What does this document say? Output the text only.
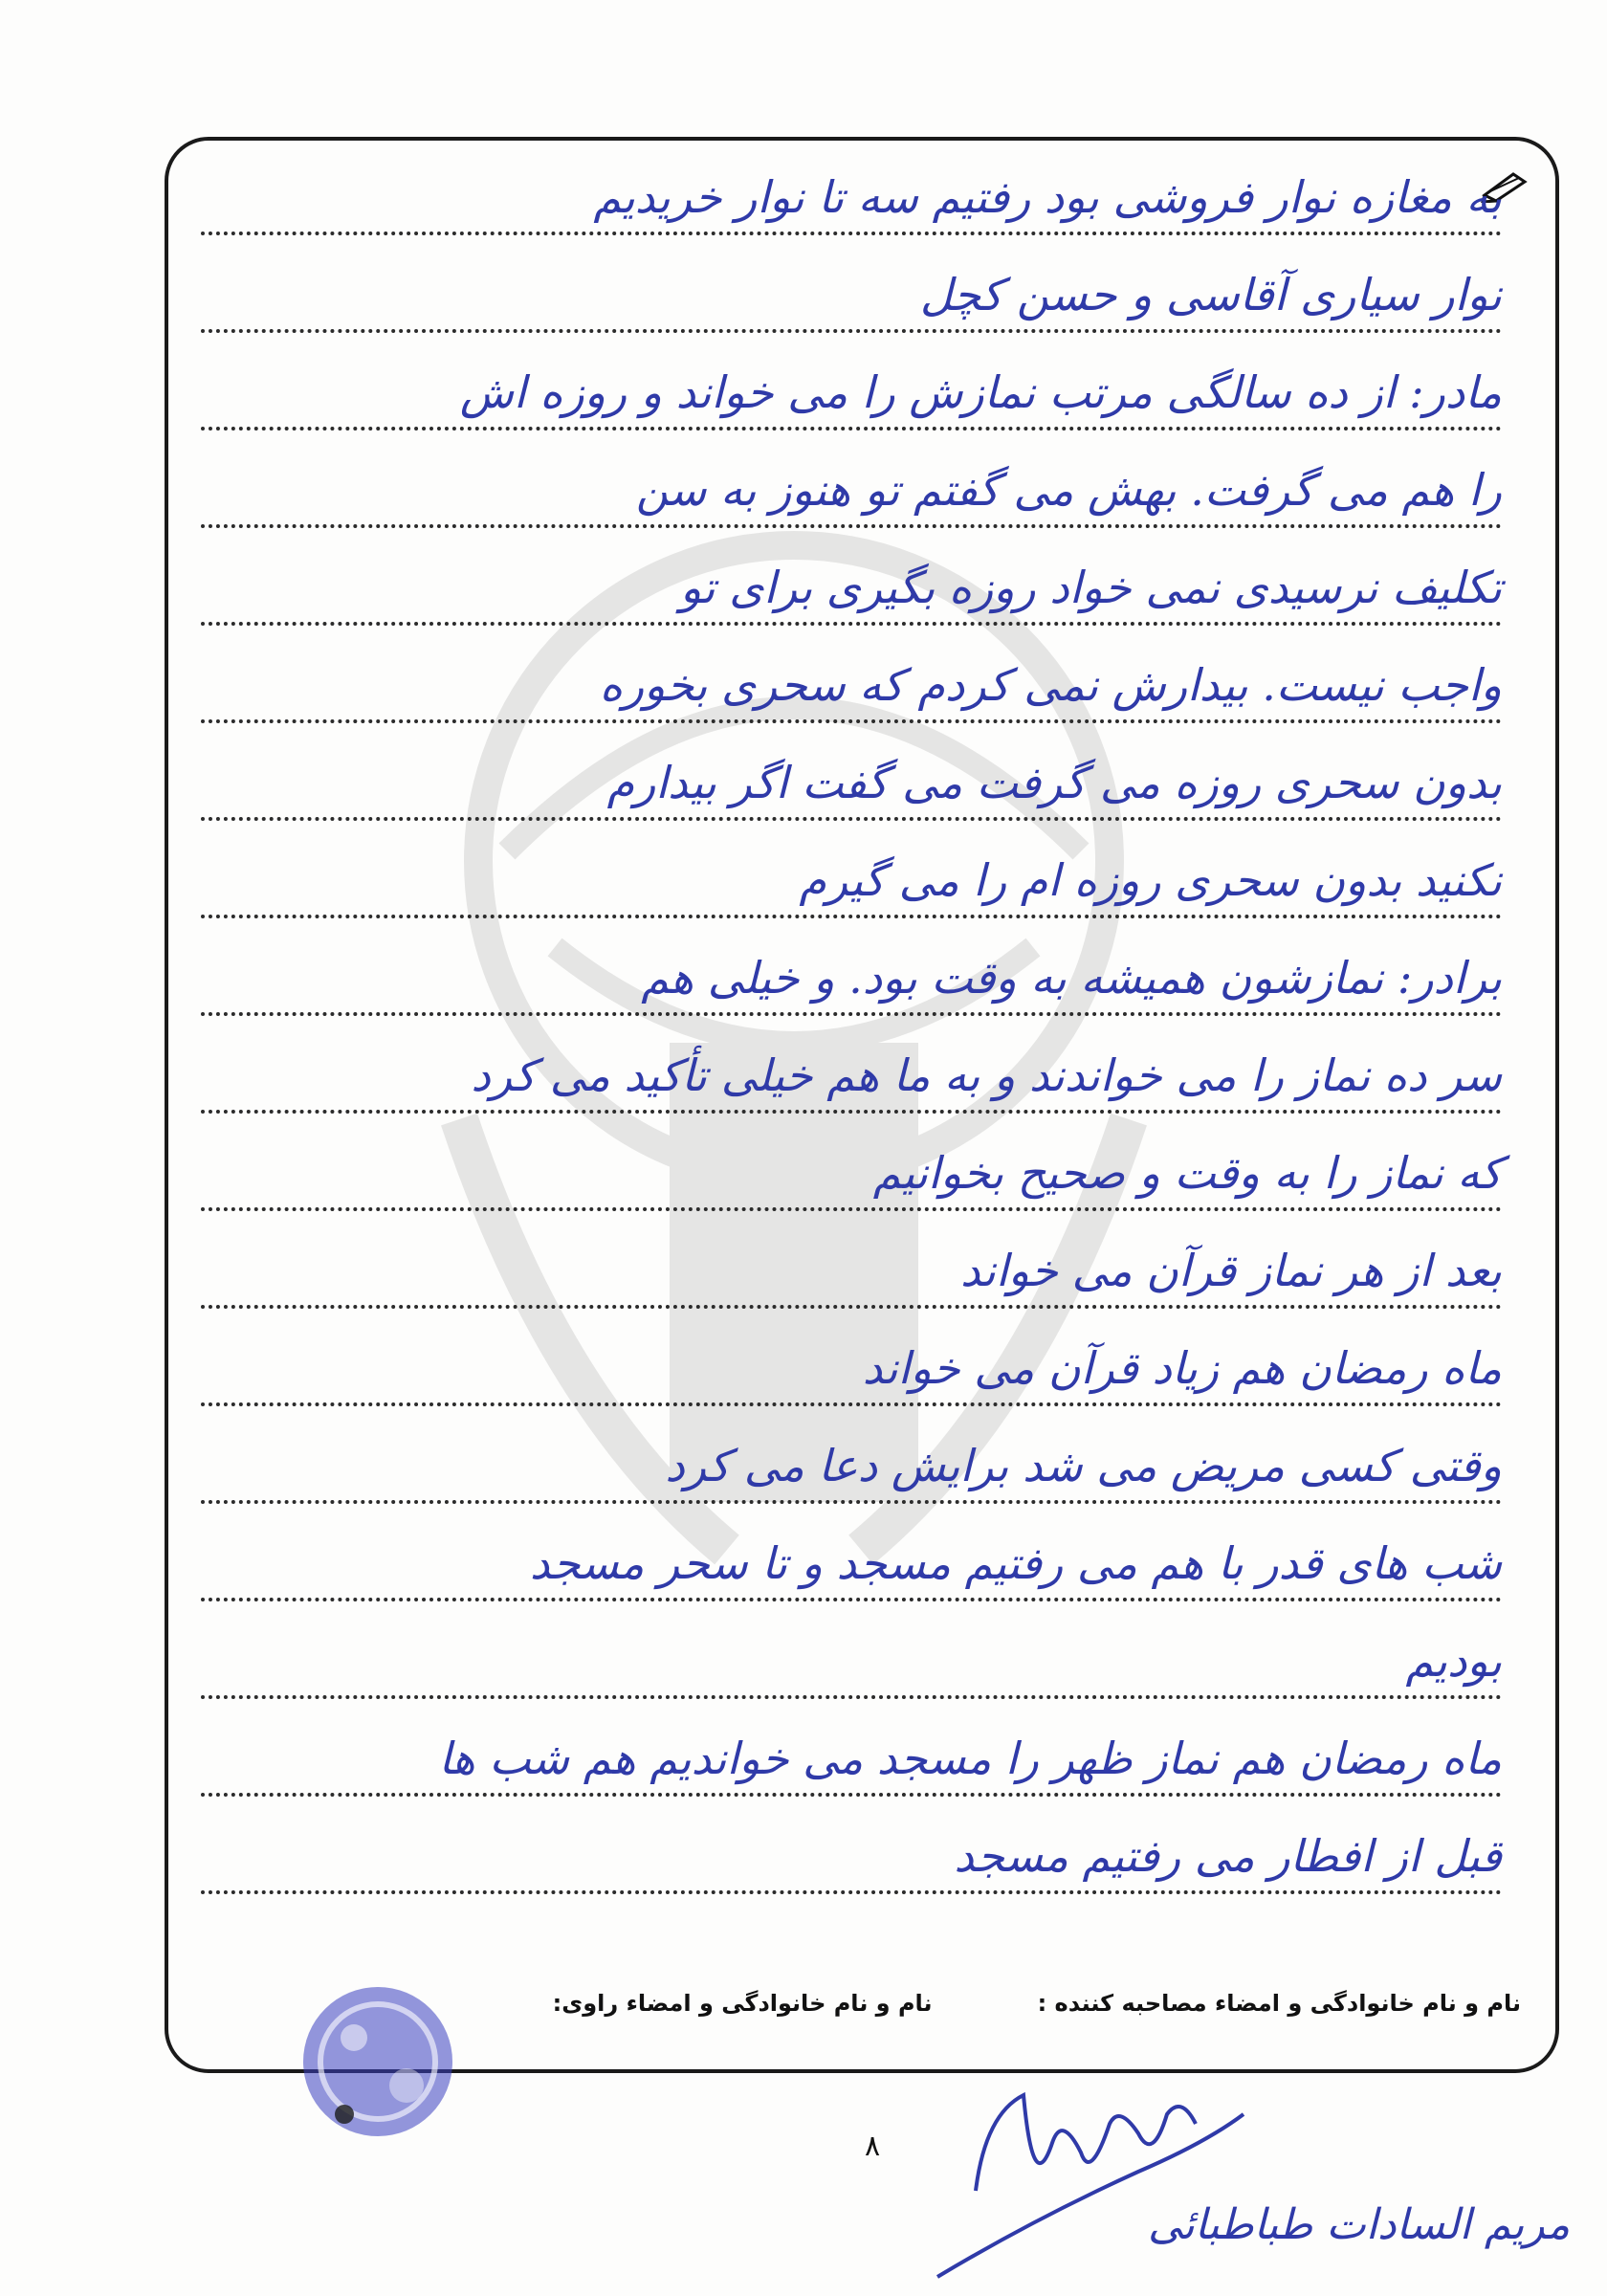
به مغازه نوار فروشی بود رفتیم سه تا نوار خریدیم
نوار سیاری آقاسی و حسن کچل
مادر: از ده سالگی مرتب نمازش را می خواند و روزه اش
را هم می گرفت. بهش می گفتم تو هنوز به سن
تکلیف نرسیدی نمی خواد روزه بگیری برای تو
واجب نیست. بیدارش نمی کردم که سحری بخوره
بدون سحری روزه می گرفت می گفت اگر بیدارم
نکنید بدون سحری روزه ام را می گیرم
برادر: نمازشون همیشه به وقت بود. و خیلی هم
سر ده نماز را می خواندند و به ما هم خیلی تأکید می کرد
که نماز را به وقت و صحیح بخوانیم
بعد از هر نماز قرآن می خواند
ماه رمضان هم زیاد قرآن می خواند
وقتی کسی مریض می شد برایش دعا می کرد
شب های قدر با هم می رفتیم مسجد و تا سحر مسجد
بودیم
ماه رمضان هم نماز ظهر را مسجد می خواندیم هم شب ها
قبل از افطار می رفتیم مسجد
نام و نام خانوادگی و امضاء مصاحبه کننده :
نام و نام خانوادگی و امضاء راوی:
۸
مریم السادات طباطبائی
